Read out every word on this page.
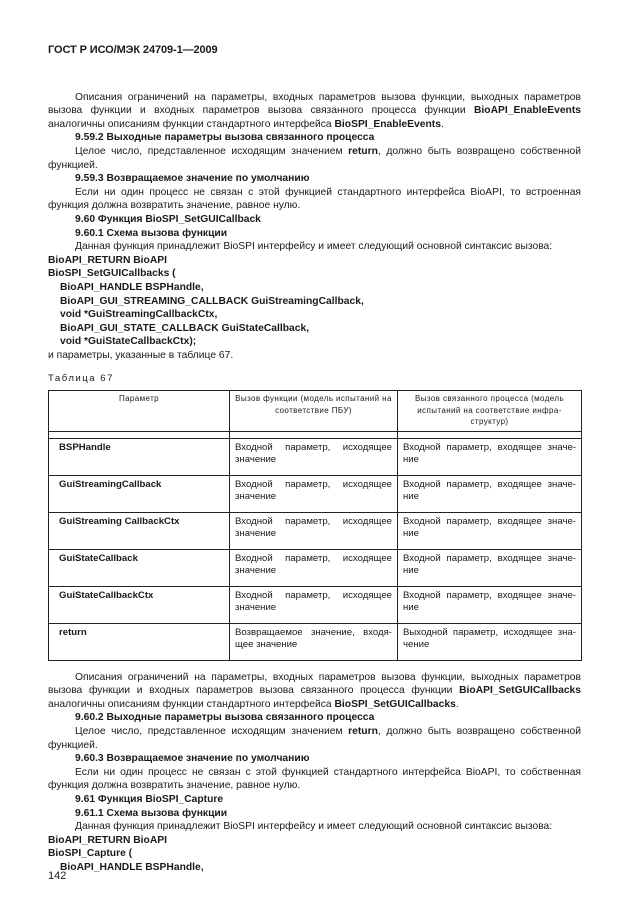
ГОСТ Р ИСО/МЭК 24709-1—2009

Описания ограничений на параметры, входных параметров вызова функции, выходных параметров вызова функции и входных параметров вызова связанного процесса функции BioAPI_EnableEvents аналогичны описаниям функции стандартного интерфейса BioSPI_EnableEvents.

9.59.2 Выходные параметры вызова связанного процесса

Целое число, представленное исходящим значением return, должно быть возвращено собственной функцией.

9.59.3 Возвращаемое значение по умолчанию

Если ни один процесс не связан с этой функцией стандартного интерфейса BioAPI, то встроенная функция должна возвратить значение, равное нулю.

9.60 Функция BioSPI_SetGUICallback

9.60.1 Схема вызова функции

Данная функция принадлежит BioSPI интерфейсу и имеет следующий основной синтаксис вызова:

BioAPI_RETURN BioAPI
BioSPI_SetGUICallbacks (
BioAPI_HANDLE BSPHandle,
BioAPI_GUI_STREAMING_CALLBACK GuiStreamingCallback,
void *GuiStreamingCallbackCtx,
BioAPI_GUI_STATE_CALLBACK GuiStateCallback,
void *GuiStateCallbackCtx);

и параметры, указанные в таблице 67.

Таблица 67
Параметр	Вызов функции (модель испытаний на соответствие ПБУ)	Вызов связанного процесса (модель испытаний на соответствие инфра-структур)

BSPHandle	Входной параметр, исходящее значение	Входной параметр, входящее значе-ние
GuiStreamingCallback	Входной параметр, исходящее значение	Входной параметр, входящее значе-ние
GuiStreaming CallbackCtx	Входной параметр, исходящее значение	Входной параметр, входящее значе-ние
GuiStateCallback	Входной параметр, исходящее значение	Входной параметр, входящее значе-ние
GuiStateCallbackCtx	Входной параметр, исходящее значение	Входной параметр, входящее значе-ние
return	Возвращаемое значение, входя-щее значение	Выходной параметр, исходящее зна-чение

Описания ограничений на параметры, входных параметров вызова функции, выходных параметров вызова функции и входных параметров вызова связанного процесса функции BioAPI_SetGUICallbacks аналогичны описаниям функции стандартного интерфейса BioSPI_SetGUICallbacks.

9.60.2 Выходные параметры вызова связанного процесса

Целое число, представленное исходящим значением return, должно быть возвращено собственной функцией.

9.60.3 Возвращаемое значение по умолчанию

Если ни один процесс не связан с этой функцией стандартного интерфейса BioAPI, то собственная функция должна возвратить значение, равное нулю.

9.61 Функция BioSPI_Capture

9.61.1 Схема вызова функции

Данная функция принадлежит BioSPI интерфейсу и имеет следующий основной синтаксис вызова:

BioAPI_RETURN BioAPI
BioSPI_Capture (
BioAPI_HANDLE BSPHandle,
142
